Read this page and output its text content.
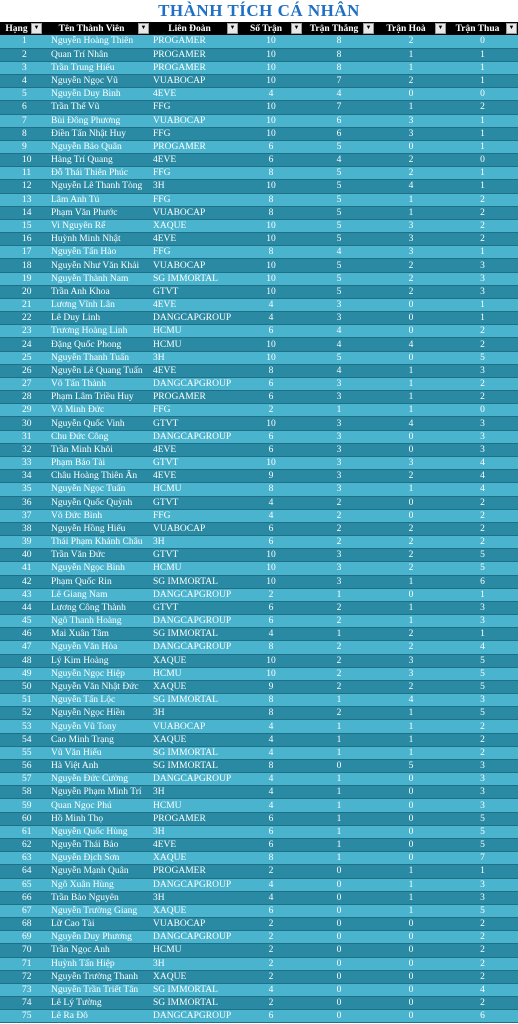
THÀNH TÍCH CÁ NHÂN
Hạng ▼	Tên Thành Viên ▼	Liên Đoàn ▼	Số Trận ▼	Trận Thắng ▼	Trận Hoà ▼	Trận Thua ▼

1	Nguyễn Hoàng Thiên	PROGAMER	10	8	2	0
2	Quan Trí Nhân	PROGAMER	10	8	1	1
3	Trần Trung Hiếu	PROGAMER	10	8	1	1
4	Nguyễn Ngọc Vũ	VUABOCAP	10	7	2	1
5	Nguyễn Duy Bình	4EVE	4	4	0	0
6	Trần Thế Vũ	FFG	10	7	1	2
7	Bùi Đông Phương	VUABOCAP	10	6	3	1
8	Điền Tấn Nhật Huy	FFG	10	6	3	1
9	Nguyễn Bảo Quân	PROGAMER	6	5	0	1
10	Hàng Trí Quang	4EVE	6	4	2	0
11	Đỗ Thái Thiên Phúc	FFG	8	5	2	1
12	Nguyễn Lê Thanh Tòng	3H	10	5	4	1
13	Lâm Anh Tú	FFG	8	5	1	2
14	Phạm Văn Phước	VUABOCAP	8	5	1	2
15	Vi Nguyên Rể	XAQUE	10	5	3	2
16	Huỳnh Minh Nhật	4EVE	10	5	3	2
17	Nguyễn Tấn Hào	FFG	8	4	3	1
18	Nguyễn Như Văn Khải	VUABOCAP	10	5	2	3
19	Nguyễn Thành Nam	SG IMMORTAL	10	5	2	3
20	Trần Anh Khoa	GTVT	10	5	2	3
21	Lương Vĩnh Lân	4EVE	4	3	0	1
22	Lê Duy Linh	DANGCAPGROUP	4	3	0	1
23	Trương Hoàng Linh	HCMU	6	4	0	2
24	Đặng Quốc Phong	HCMU	10	4	4	2
25	Nguyễn Thanh Tuấn	3H	10	5	0	5
26	Nguyễn Lê Quang Tuấn	4EVE	8	4	1	3
27	Võ Tấn Thành	DANGCAPGROUP	6	3	1	2
28	Phạm Lâm Triều Huy	PROGAMER	6	3	1	2
29	Võ Minh Đức	FFG	2	1	1	0
30	Nguyễn Quốc Vinh	GTVT	10	3	4	3
31	Chu Đức Công	DANGCAPGROUP	6	3	0	3
32	Trần Minh Khôi	4EVE	6	3	0	3
33	Phạm Bảo Tài	GTVT	10	3	3	4
34	Châu Hoàng Thiên Ân	4EVE	9	3	2	4
35	Nguyễn Ngọc Tuấn	HCMU	8	3	1	4
36	Nguyễn Quốc Quỳnh	GTVT	4	2	0	2
37	Võ Đức Bình	FFG	4	2	0	2
38	Nguyễn Hồng Hiếu	VUABOCAP	6	2	2	2
39	Thái Phạm Khánh Châu	3H	6	2	2	2
40	Trần Văn Đức	GTVT	10	3	2	5
41	Nguyễn Ngọc Bình	HCMU	10	3	2	5
42	Phạm Quốc Rin	SG IMMORTAL	10	3	1	6
43	Lê Giang Nam	DANGCAPGROUP	2	1	0	1
44	Lương Công Thành	GTVT	6	2	1	3
45	Ngô Thanh Hoàng	DANGCAPGROUP	6	2	1	3
46	Mai Xuân Tâm	SG IMMORTAL	4	1	2	1
47	Nguyễn Văn Hòa	DANGCAPGROUP	8	2	2	4
48	Lý Kim Hoàng	XAQUE	10	2	3	5
49	Nguyễn Ngọc Hiệp	HCMU	10	2	3	5
50	Nguyễn Văn Nhật Đức	XAQUE	9	2	2	5
51	Nguyễn Tấn Lộc	SG IMMORTAL	8	1	4	3
52	Nguyễn Ngọc Hiền	3H	8	2	1	5
53	Nguyễn Vũ Tony	VUABOCAP	4	1	1	2
54	Cao Minh Trạng	XAQUE	4	1	1	2
55	Vũ Văn Hiếu	SG IMMORTAL	4	1	1	2
56	Hà Việt Anh	SG IMMORTAL	8	0	5	3
57	Nguyễn Đức Cường	DANGCAPGROUP	4	1	0	3
58	Nguyễn Phạm Minh Trí	3H	4	1	0	3
59	Quan Ngọc Phú	HCMU	4	1	0	3
60	Hồ Minh Thọ	PROGAMER	6	1	0	5
61	Nguyễn Quốc Hùng	3H	6	1	0	5
62	Nguyễn Thái Bảo	4EVE	6	1	0	5
63	Nguyễn Địch Sơn	XAQUE	8	1	0	7
64	Nguyễn Mạnh Quân	PROGAMER	2	0	1	1
65	Ngô Xuân Hùng	DANGCAPGROUP	4	0	1	3
66	Trần Bảo Nguyên	3H	4	0	1	3
67	Nguyễn Trường Giang	XAQUE	6	0	1	5
68	Lữ Cao Tài	VUABOCAP	2	0	0	2
69	Nguyễn Duy Phương	DANGCAPGROUP	2	0	0	2
70	Trần Ngọc Anh	HCMU	2	0	0	2
71	Huỳnh Tấn Hiệp	3H	2	0	0	2
72	Nguyễn Trường Thanh	XAQUE	2	0	0	2
73	Nguyễn Trần Triết Tân	SG IMMORTAL	4	0	0	4
74	Lê Lý Tường	SG IMMORTAL	2	0	0	2
75	Lê Ra Đô	DANGCAPGROUP	6	0	0	6
